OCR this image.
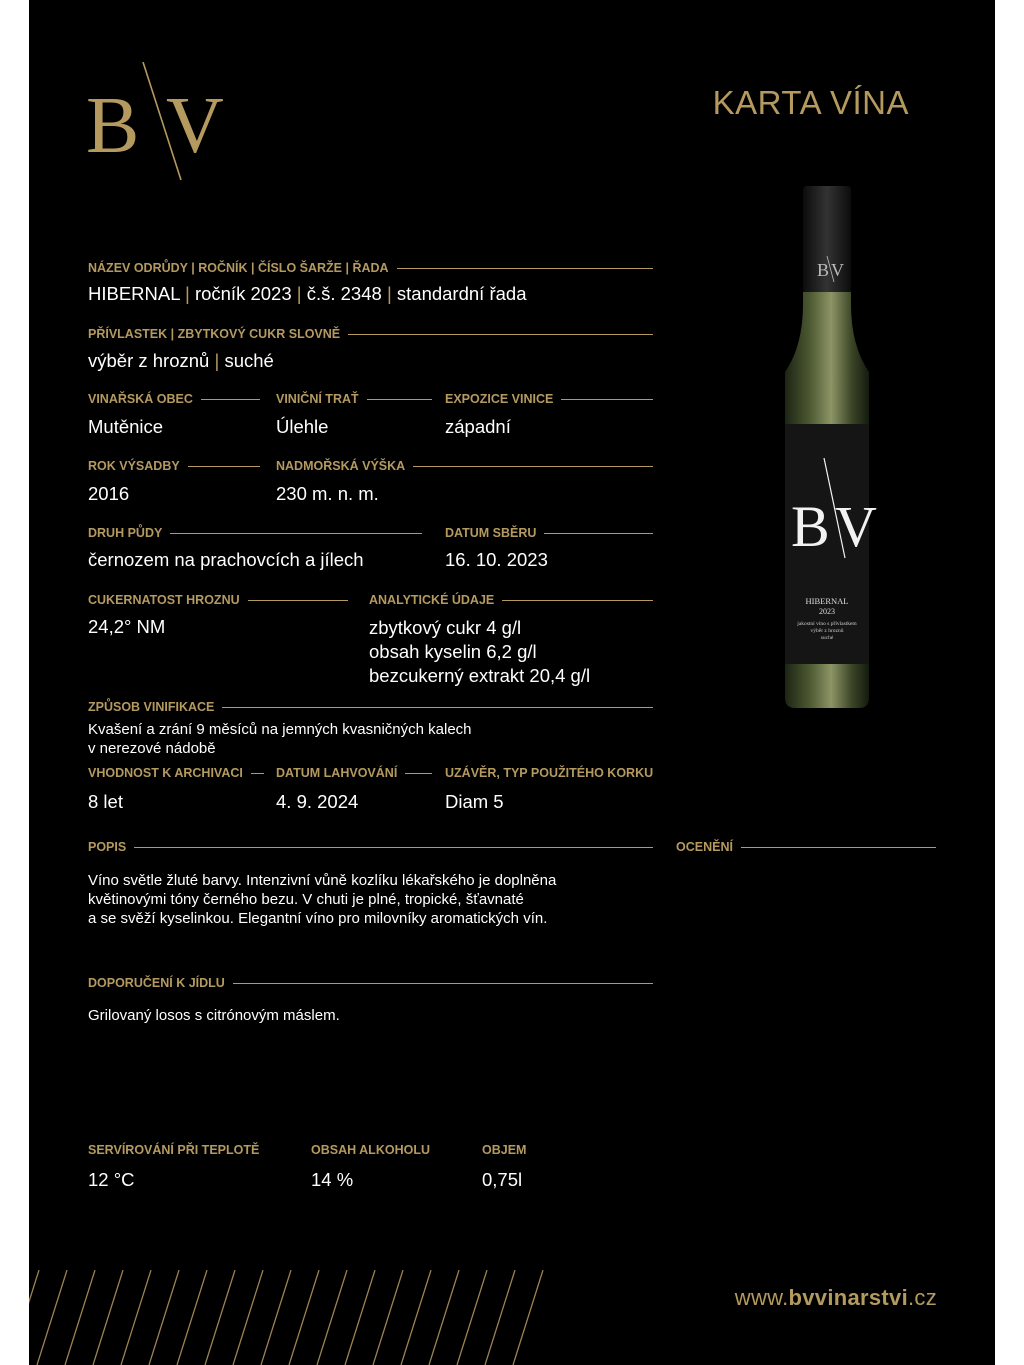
B V	KARTA VÍNA
NÁZEV ODRŮDY | ROČNÍK | ČÍSLO ŠARŽE | ŘADA
HIBERNAL | ročník 2023 | č.š. 2348 | standardní řada
PŘÍVLASTEK | ZBYTKOVÝ CUKR SLOVNĚ
výběr z hroznů | suché
VINAŘSKÁ OBEC
Mutěnice
VINIČNÍ TRAŤ
Úlehle
EXPOZICE VINICE
západní
ROK VÝSADBY
2016
NADMOŘSKÁ VÝŠKA
230 m. n. m.
DRUH PŮDY
černozem na prachovcích a jílech
DATUM SBĚRU
16. 10. 2023
CUKERNATOST HROZNU
24,2° NM
ANALYTICKÉ ÚDAJE
zbytkový cukr 4 g/l
obsah kyselin 6,2 g/l
bezcukerný extrakt 20,4 g/l
ZPŮSOB VINIFIKACE
Kvašení a zrání 9 měsíců na jemných kvasničných kalech
v nerezové nádobě
VHODNOST K ARCHIVACI
8 let
DATUM LAHVOVÁNÍ
4. 9. 2024
UZÁVĚR, TYP POUŽITÉHO KORKU
Diam 5
POPIS
Víno světle žluté barvy. Intenzivní vůně kozlíku lékařského je doplněna
květinovými tóny černého bezu. V chuti je plné, tropické, šťavnaté
a se svěží kyselinkou. Elegantní víno pro milovníky aromatických vín.
OCENĚNÍ
DOPORUČENÍ K JÍDLU
Grilovaný losos s citrónovým máslem.
SERVÍROVÁNÍ PŘI TEPLOTĚ
12 °C
OBSAH ALKOHOLU
14 %
OBJEM
0,75l
B V
B V
HIBERNAL
2023
jakostní víno s přívlastkem
výběr z hroznů
suché
www.bvvinarstvi.cz
